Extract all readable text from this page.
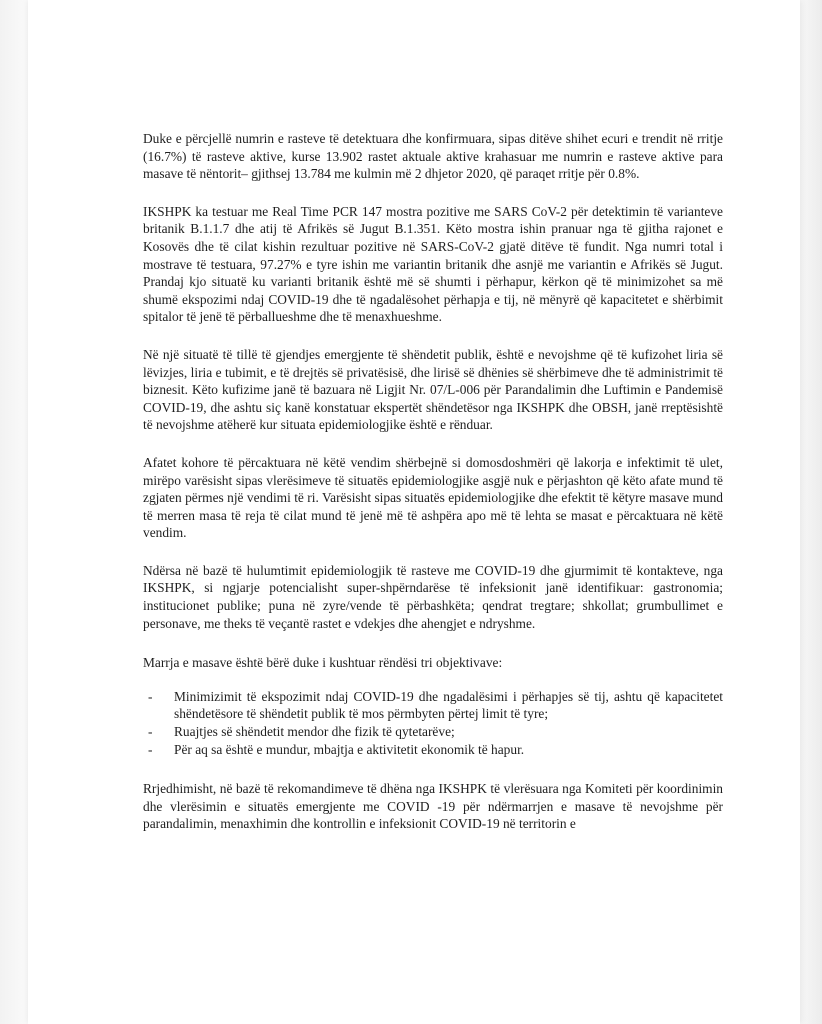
Duke e përcjellë numrin e rasteve të detektuara dhe konfirmuara, sipas ditëve shihet ecuri e trendit në rritje (16.7%) të rasteve aktive, kurse 13.902 rastet aktuale aktive krahasuar me numrin e rasteve aktive para masave të nëntorit– gjithsej 13.784 me kulmin më 2 dhjetor 2020, që paraqet rritje për 0.8%.

IKSHPK ka testuar me Real Time PCR 147 mostra pozitive me SARS CoV-2 për detektimin të varianteve britanik B.1.1.7 dhe atij të Afrikës së Jugut B.1.351. Këto mostra ishin pranuar nga të gjitha rajonet e Kosovës dhe të cilat kishin rezultuar pozitive në SARS-CoV-2 gjatë ditëve të fundit. Nga numri total i mostrave të testuara, 97.27% e tyre ishin me variantin britanik dhe asnjë me variantin e Afrikës së Jugut. Prandaj kjo situatë ku varianti britanik është më së shumti i përhapur, kërkon që të minimizohet sa më shumë ekspozimi ndaj COVID-19 dhe të ngadalësohet përhapja e tij, në mënyrë që kapacitetet e shërbimit spitalor të jenë të përballueshme dhe të menaxhueshme.

Në një situatë të tillë të gjendjes emergjente të shëndetit publik, është e nevojshme që të kufizohet liria së lëvizjes, liria e tubimit, e të drejtës së privatësisë, dhe lirisë së dhënies së shërbimeve dhe të administrimit të biznesit. Këto kufizime janë të bazuara në Ligjit Nr. 07/L-006 për Parandalimin dhe Luftimin e Pandemisë COVID-19, dhe ashtu siç kanë konstatuar ekspertët shëndetësor nga IKSHPK dhe OBSH, janë rreptësishtë të nevojshme atëherë kur situata epidemiologjike është e rënduar.

Afatet kohore të përcaktuara në këtë vendim shërbejnë si domosdoshmëri që lakorja e infektimit të ulet, mirëpo varësisht sipas vlerësimeve të situatës epidemiologjike asgjë nuk e përjashton që këto afate mund të zgjaten përmes një vendimi të ri. Varësisht sipas situatës epidemiologjike dhe efektit të këtyre masave mund të merren masa të reja të cilat mund të jenë më të ashpëra apo më të lehta se masat e përcaktuara në këtë vendim.

Ndërsa në bazë të hulumtimit epidemiologjik të rasteve me COVID-19 dhe gjurmimit të kontakteve, nga IKSHPK, si ngjarje potencialisht super-shpërndarëse të infeksionit janë identifikuar: gastronomia; institucionet publike; puna në zyre/vende të përbashkëta; qendrat tregtare; shkollat; grumbullimet e personave, me theks të veçantë rastet e vdekjes dhe ahengjet e ndryshme.

Marrja e masave është bërë duke i kushtuar rëndësi tri objektivave:

- Minimizimit të ekspozimit ndaj COVID-19 dhe ngadalësimi i përhapjes së tij, ashtu që kapacitetet shëndetësore të shëndetit publik të mos përmbyten përtej limit të tyre;
- Ruajtjes së shëndetit mendor dhe fizik të qytetarëve;
- Për aq sa është e mundur, mbajtja e aktivitetit ekonomik të hapur.

Rrjedhimisht, në bazë të rekomandimeve të dhëna nga IKSHPK të vlerësuara nga Komiteti për koordinimin dhe vlerësimin e situatës emergjente me COVID -19 për ndërmarrjen e masave të nevojshme për parandalimin, menaxhimin dhe kontrollin e infeksionit COVID-19 në territorin e
